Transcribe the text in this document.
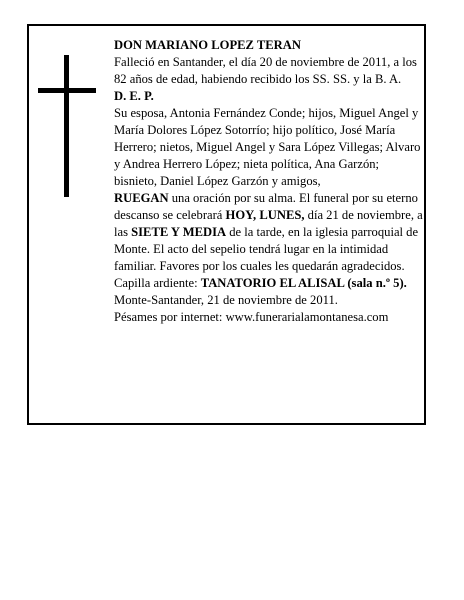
DON MARIANO LOPEZ TERAN

Falleció en Santander, el día 20 de noviembre de 2011, a los 82 años de edad, habiendo recibido los SS. SS. y la B. A.

D. E. P.

Su esposa, Antonia Fernández Conde; hijos, Miguel Angel y María Dolores López Sotorrío; hijo político, José María Herrero; nietos, Miguel Angel y Sara López Villegas; Alvaro y Andrea Herrero López; nieta política, Ana Garzón; bisnieto, Daniel López Garzón y amigos,

RUEGAN una oración por su alma. El funeral por su eterno descanso se celebrará HOY, LUNES, día 21 de noviembre, a las SIETE Y MEDIA de la tarde, en la iglesia parroquial de Monte. El acto del sepelio tendrá lugar en la intimidad familiar. Favores por los cuales les quedarán agradecidos. Capilla ardiente: TANATORIO EL ALISAL (sala n.º 5).

Monte-Santander, 21 de noviembre de 2011.

Pésames por internet: www.funerarialamontanesa.com
